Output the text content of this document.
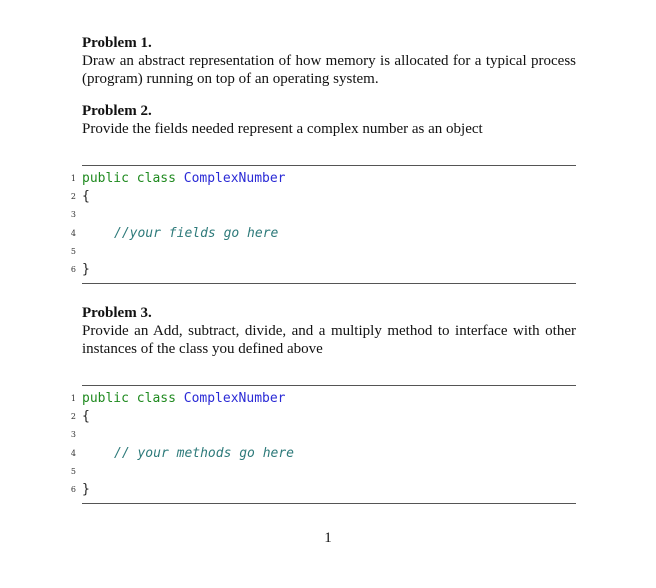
Problem 1.
Draw an abstract representation of how memory is allocated for a typical process (program) running on top of an operating system.
Problem 2.
Provide the fields needed represent a complex number as an object
1 public class ComplexNumber
2 {
3
4	//your fields go here
5
6 }
Problem 3.
Provide an Add, subtract, divide, and a multiply method to interface with other instances of the class you defined above
1 public class ComplexNumber
2 {
3
4	// your methods go here
5
6 }
1
